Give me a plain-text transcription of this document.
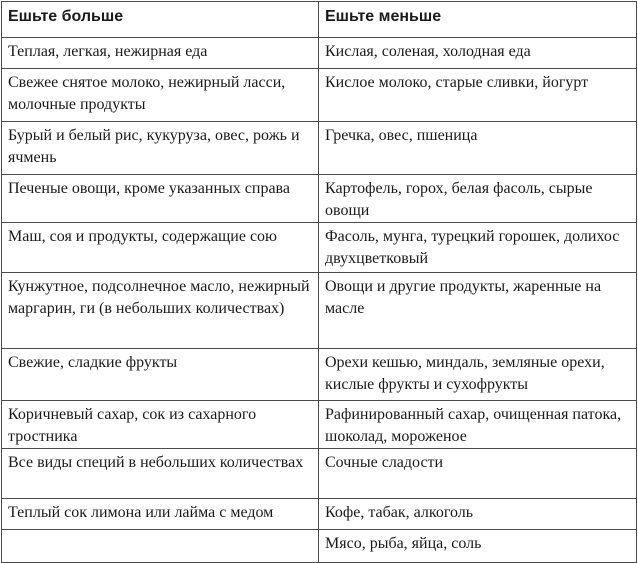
Ешьте больше	Ешьте меньше
Теплая, легкая, нежирная еда	Кислая, соленая, холодная еда
Свежее снятое молоко, нежирный ласси, молочные продукты	Кислое молоко, старые сливки, йогурт
Бурый и белый рис, кукуруза, овес, рожь и ячмень	Гречка, овес, пшеница
Печеные овощи, кроме указанных справа	Картофель, горох, белая фасоль, сырые овощи
Маш, соя и продукты, содержащие сою	Фасоль, мунга, турецкий горошек, долихос двухцветковый
Кунжутное, подсолнечное масло, нежирный маргарин, ги (в небольших количествах)	Овощи и другие продукты, жаренные на масле
Свежие, сладкие фрукты	Орехи кешью, миндаль, земляные орехи, кислые фрукты и сухофрукты
Коричневый сахар, сок из сахарного тростника	Рафинированный сахар, очищенная патока, шоколад, мороженое
Все виды специй в небольших количествах	Сочные сладости
Теплый сок лимона или лайма с медом	Кофе, табак, алкоголь
	Мясо, рыба, яйца, соль
